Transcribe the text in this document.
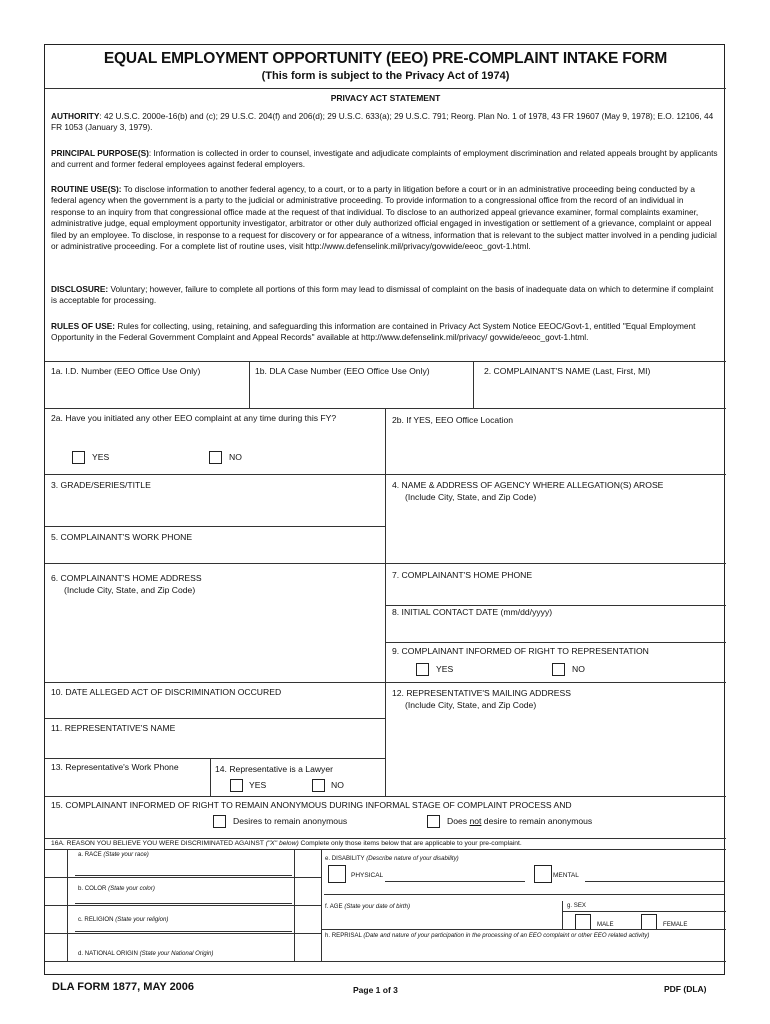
EQUAL EMPLOYMENT OPPORTUNITY (EEO) PRE-COMPLAINT INTAKE FORM
(This form is subject to the Privacy Act of 1974)
PRIVACY ACT STATEMENT
AUTHORITY: 42 U.S.C. 2000e-16(b) and (c); 29 U.S.C. 204(f) and 206(d); 29 U.S.C. 633(a); 29 U.S.C. 791; Reorg. Plan No. 1 of 1978, 43 FR 19607 (May 9, 1978); E.O. 12106, 44 FR 1053 (January 3, 1979).
PRINCIPAL PURPOSE(S): Information is collected in order to counsel, investigate and adjudicate complaints of employment discrimination and related appeals brought by applicants and current and former federal employees against federal employers.
ROUTINE USE(S): To disclose information to another federal agency, to a court, or to a party in litigation before a court or in an administrative proceeding being conducted by a federal agency when the government is a party to the judicial or administrative proceeding. To provide information to a congressional office from the record of an individual in response to an inquiry from that congressional office made at the request of that individual. To disclose to an authorized appeal grievance examiner, formal complaints examiner, administrative judge, equal employment opportunity investigator, arbitrator or other duly authorized official engaged in investigation or settlement of a grievance, complaint or appeal filed by an employee. To disclose, in response to a request for discovery or for appearance of a witness, information that is relevant to the subject matter involved in a pending judicial or administrative proceeding. For a complete list of routine uses, visit http://www.defenselink.mil/privacy/govwide/eeoc_govt-1.html.
DISCLOSURE: Voluntary; however, failure to complete all portions of this form may lead to dismissal of complaint on the basis of inadequate data on which to determine if complaint is acceptable for processing.
RULES OF USE: Rules for collecting, using, retaining, and safeguarding this information are contained in Privacy Act System Notice EEOC/Govt-1, entitled "Equal Employment Opportunity in the Federal Government Complaint and Appeal Records" available at http://www.defenselink.mil/privacy/ govwide/eeoc_govt-1.html.
1a. I.D. Number (EEO Office Use Only)	1b. DLA Case Number (EEO Office Use Only)	2. COMPLAINANT'S NAME (Last, First, MI)
2a. Have you initiated any other EEO complaint at any time during this FY?
YES	NO
2b. If YES, EEO Office Location
3. GRADE/SERIES/TITLE	4. NAME & ADDRESS OF AGENCY WHERE ALLEGATION(S) AROSE
(Include City, State, and Zip Code)
5. COMPLAINANT'S WORK PHONE
6. COMPLAINANT'S HOME ADDRESS
(Include City, State, and Zip Code)
7. COMPLAINANT'S HOME PHONE
8. INITIAL CONTACT DATE (mm/dd/yyyy)
9. COMPLAINANT INFORMED OF RIGHT TO REPRESENTATION
YES	NO
10. DATE ALLEGED ACT OF DISCRIMINATION OCCURED	12. REPRESENTATIVE'S MAILING ADDRESS
(Include City, State, and Zip Code)
11. REPRESENTATIVE'S NAME
13. Representative's Work Phone	14. Representative is a Lawyer
YES	NO
15. COMPLAINANT INFORMED OF RIGHT TO REMAIN ANONYMOUS DURING INFORMAL STAGE OF COMPLAINT PROCESS AND
Desires to remain anonymous	Does not desire to remain anonymous
16A. REASON YOU BELIEVE YOU WERE DISCRIMINATED AGAINST ("X" below) Complete only those items below that are applicable to your pre-complaint.
a. RACE (State your race)
b. COLOR (State your color)
c. RELIGION (State your religion)
d. NATIONAL ORIGIN (State your National Origin)
e. DISABILITY (Describe nature of your disability)
PHYSICAL	MENTAL
f. AGE (State your date of birth)	g. SEX
MALE	FEMALE
h. REPRISAL (Date and nature of your participation in the processing of an EEO complaint or other EEO related activity)
DLA FORM 1877, MAY 2006	Page 1 of 3	PDF (DLA)
